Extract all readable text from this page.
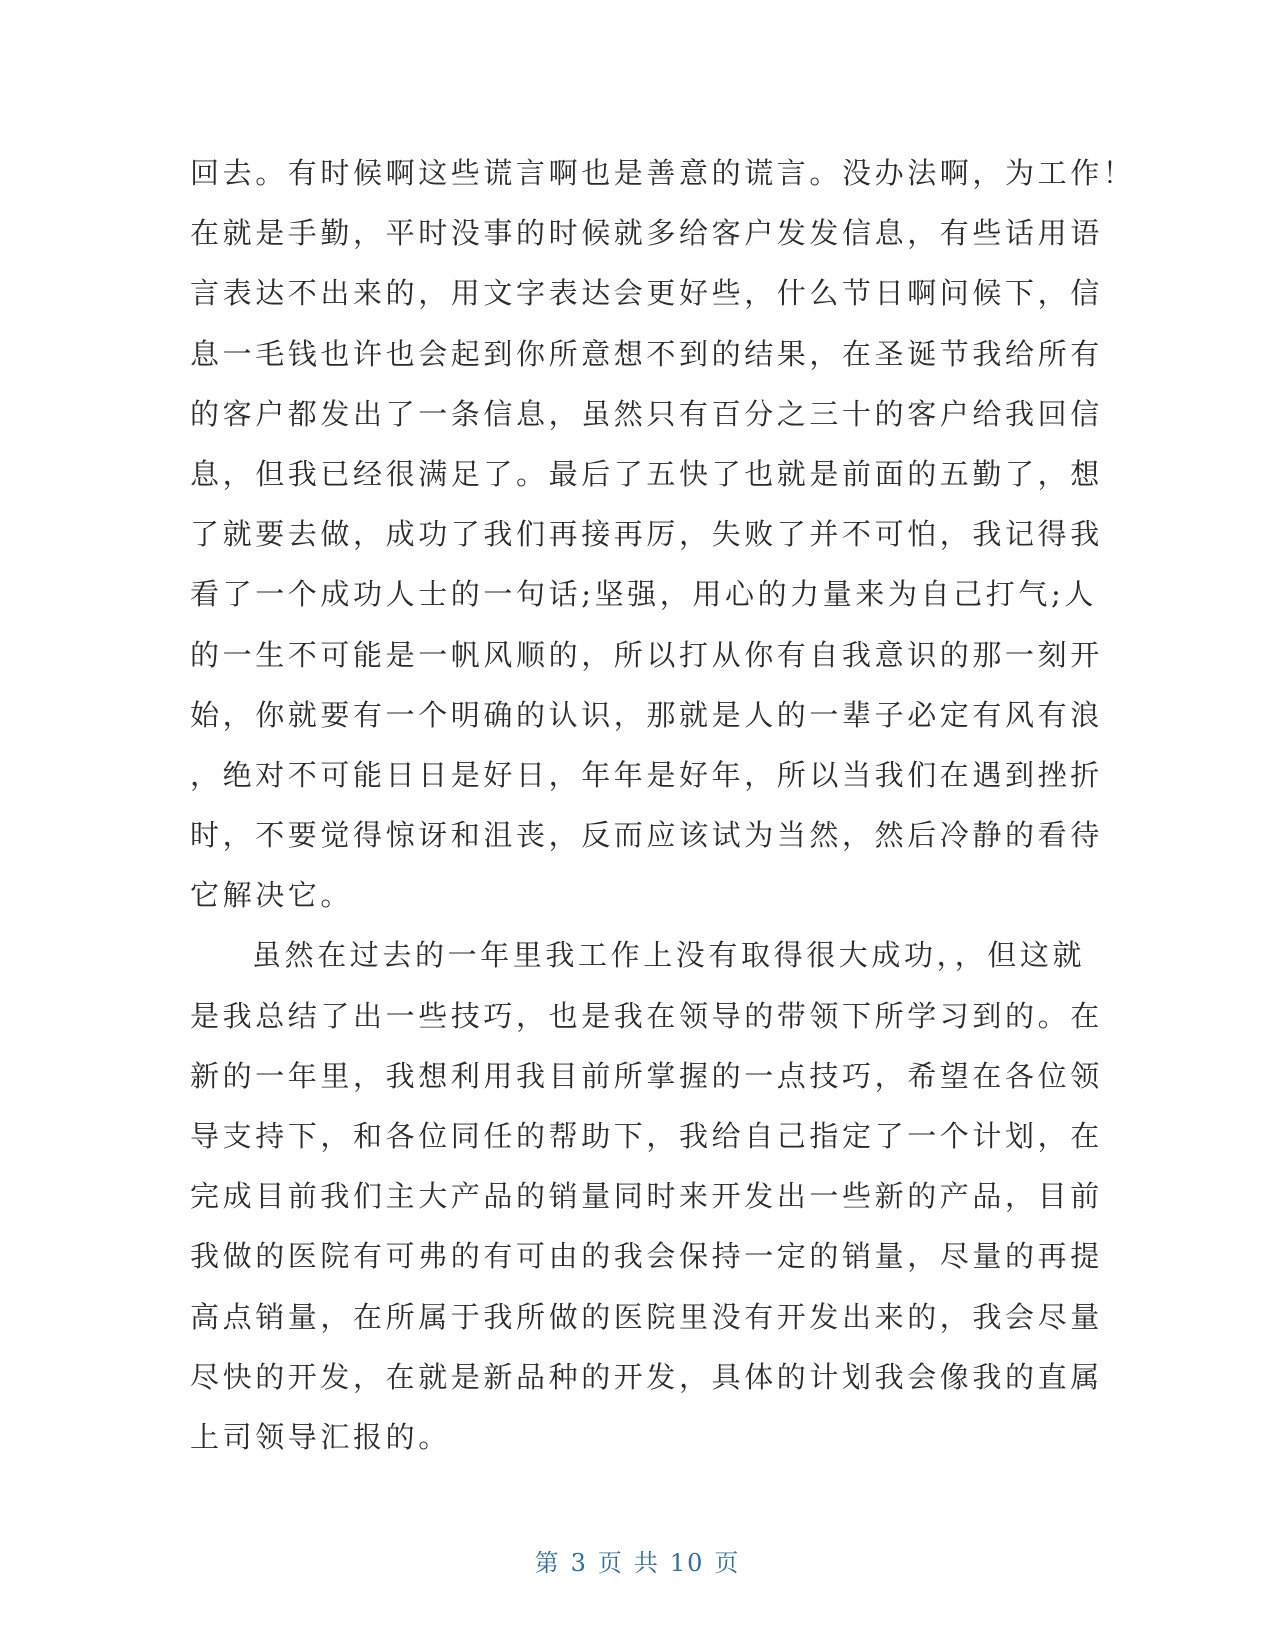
回去。有时候啊这些谎言啊也是善意的谎言。没办法啊，为工作！
在就是手勤，平时没事的时候就多给客户发发信息，有些话用语
言表达不出来的，用文字表达会更好些，什么节日啊问候下，信
息一毛钱也许也会起到你所意想不到的结果，在圣诞节我给所有
的客户都发出了一条信息，虽然只有百分之三十的客户给我回信
息，但我已经很满足了。最后了五快了也就是前面的五勤了，想
了就要去做，成功了我们再接再厉，失败了并不可怕，我记得我
看了一个成功人士的一句话;坚强，用心的力量来为自己打气;人
的一生不可能是一帆风顺的，所以打从你有自我意识的那一刻开
始，你就要有一个明确的认识，那就是人的一辈子必定有风有浪
，绝对不可能日日是好日，年年是好年，所以当我们在遇到挫折
时，不要觉得惊讶和沮丧，反而应该试为当然，然后冷静的看待
它解决它。
虽然在过去的一年里我工作上没有取得很大成功，，但这就
是我总结了出一些技巧，也是我在领导的带领下所学习到的。在
新的一年里，我想利用我目前所掌握的一点技巧，希望在各位领
导支持下，和各位同任的帮助下，我给自己指定了一个计划，在
完成目前我们主大产品的销量同时来开发出一些新的产品，目前
我做的医院有可弗的有可由的我会保持一定的销量，尽量的再提
高点销量，在所属于我所做的医院里没有开发出来的，我会尽量
尽快的开发，在就是新品种的开发，具体的计划我会像我的直属
上司领导汇报的。
第 3 页 共 10 页
